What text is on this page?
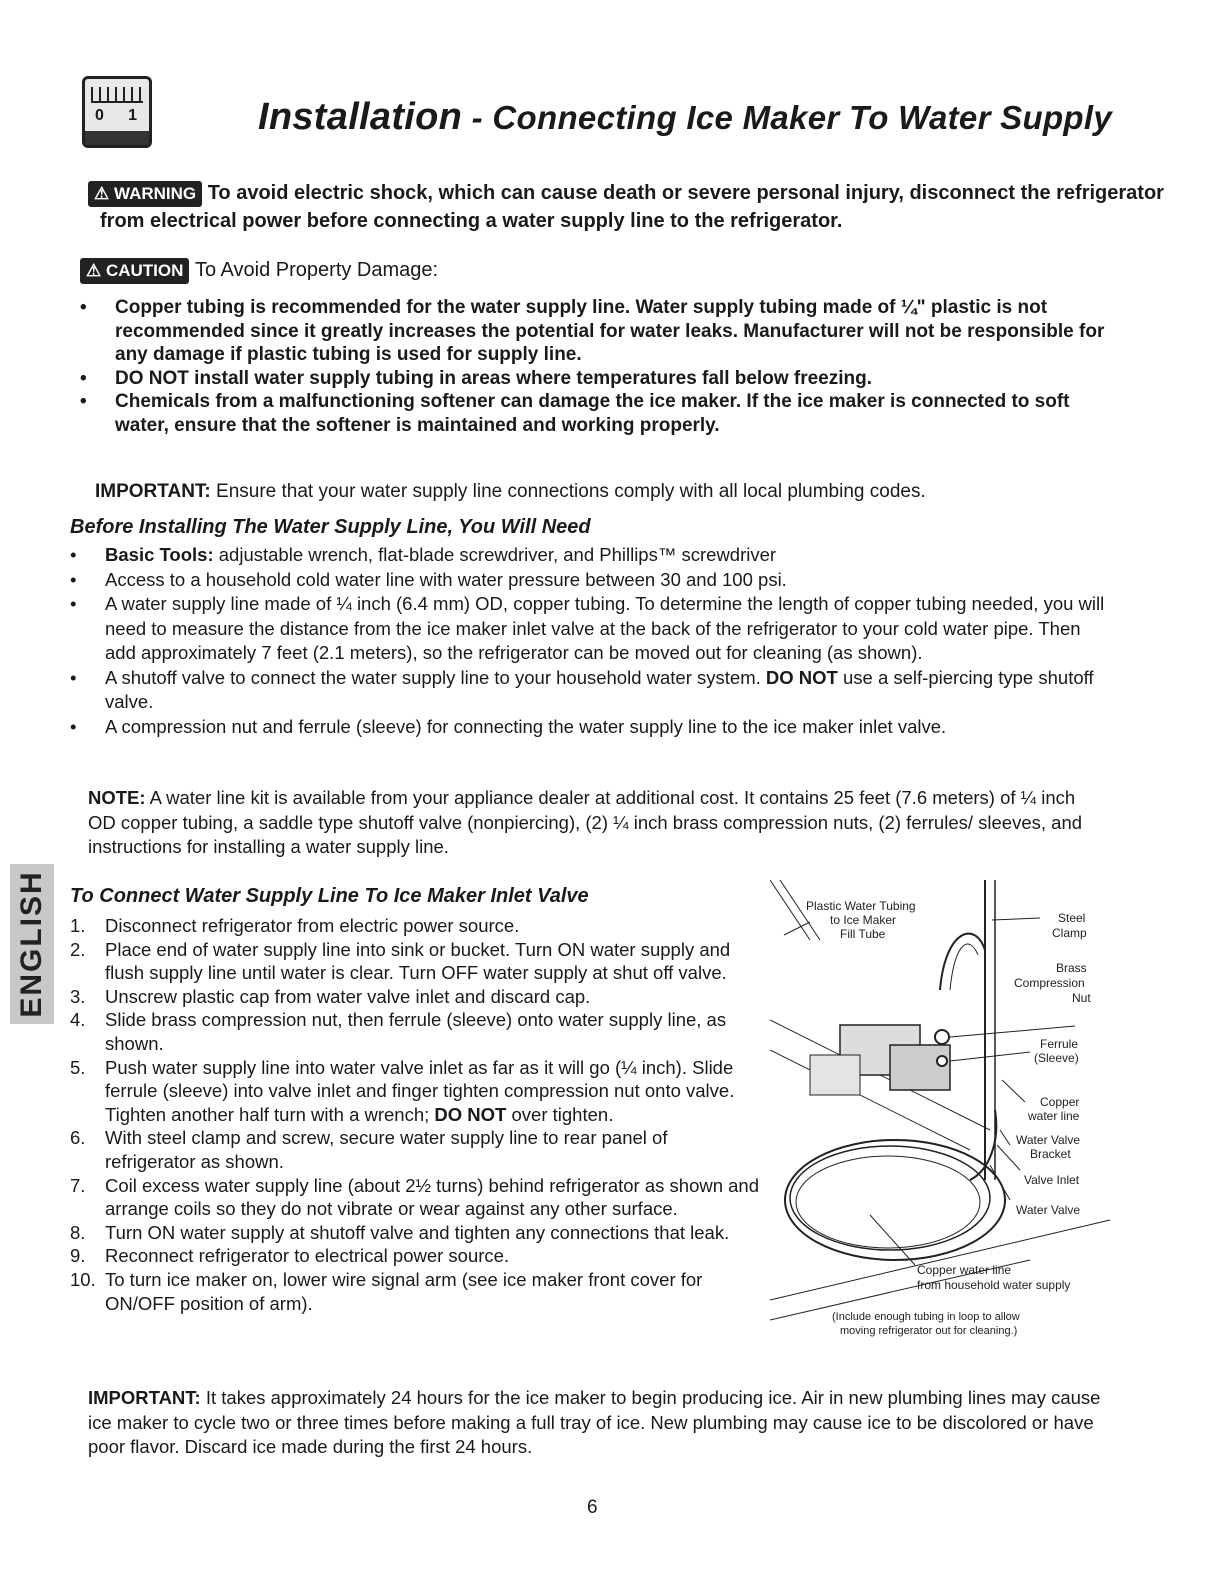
0 1	Installation - Connecting Ice Maker To Water Supply
⚠ WARNING To avoid electric shock, which can cause death or severe personal injury, disconnect the refrigerator
from electrical power before connecting a water supply line to the refrigerator.
⚠ CAUTION To Avoid Property Damage:
• Copper tubing is recommended for the water supply line. Water supply tubing made of ¼" plastic is not recommended since it greatly increases the potential for water leaks. Manufacturer will not be responsible for any damage if plastic tubing is used for supply line.
• DO NOT install water supply tubing in areas where temperatures fall below freezing.
• Chemicals from a malfunctioning softener can damage the ice maker. If the ice maker is connected to soft water, ensure that the softener is maintained and working properly.
IMPORTANT: Ensure that your water supply line connections comply with all local plumbing codes.
Before Installing The Water Supply Line, You Will Need
• Basic Tools: adjustable wrench, flat-blade screwdriver, and Phillips™ screwdriver
• Access to a household cold water line with water pressure between 30 and 100 psi.
• A water supply line made of ¼ inch (6.4 mm) OD, copper tubing. To determine the length of copper tubing needed, you will need to measure the distance from the ice maker inlet valve at the back of the refrigerator to your cold water pipe. Then add approximately 7 feet (2.1 meters), so the refrigerator can be moved out for cleaning (as shown).
• A shutoff valve to connect the water supply line to your household water system. DO NOT use a self-piercing type shutoff valve.
• A compression nut and ferrule (sleeve) for connecting the water supply line to the ice maker inlet valve.
NOTE: A water line kit is available from your appliance dealer at additional cost. It contains 25 feet (7.6 meters) of ¼ inch OD copper tubing, a saddle type shutoff valve (nonpiercing), (2) ¼ inch brass compression nuts, (2) ferrules/ sleeves, and instructions for installing a water supply line.
ENGLISH To Connect Water Supply Line To Ice Maker Inlet Valve
1. Disconnect refrigerator from electric power source.
2. Place end of water supply line into sink or bucket. Turn ON water supply and flush supply line until water is clear. Turn OFF water supply at shut off valve.
3. Unscrew plastic cap from water valve inlet and discard cap.
4. Slide brass compression nut, then ferrule (sleeve) onto water supply line, as shown.
5. Push water supply line into water valve inlet as far as it will go (¼ inch). Slide ferrule (sleeve) into valve inlet and finger tighten compression nut onto valve. Tighten another half turn with a wrench; DO NOT over tighten.
6. With steel clamp and screw, secure water supply line to rear panel of refrigerator as shown.
7. Coil excess water supply line (about 2½ turns) behind refrigerator as shown and arrange coils so they do not vibrate or wear against any other surface.
8. Turn ON water supply at shutoff valve and tighten any connections that leak.
9. Reconnect refrigerator to electrical power source.
10. To turn ice maker on, lower wire signal arm (see ice maker front cover for ON/OFF position of arm).
Plastic Water Tubing
to Ice Maker
Fill Tube
Steel
Clamp
Brass
Compression
Nut
Ferrule
(Sleeve)
Copper
water line
Water Valve
Bracket
Valve Inlet
Water Valve
Copper water line
from household water supply
(Include enough tubing in loop to allow
moving refrigerator out for cleaning.)
IMPORTANT: It takes approximately 24 hours for the ice maker to begin producing ice. Air in new plumbing lines may cause ice maker to cycle two or three times before making a full tray of ice. New plumbing may cause ice to be discolored or have poor flavor. Discard ice made during the first 24 hours.
6
